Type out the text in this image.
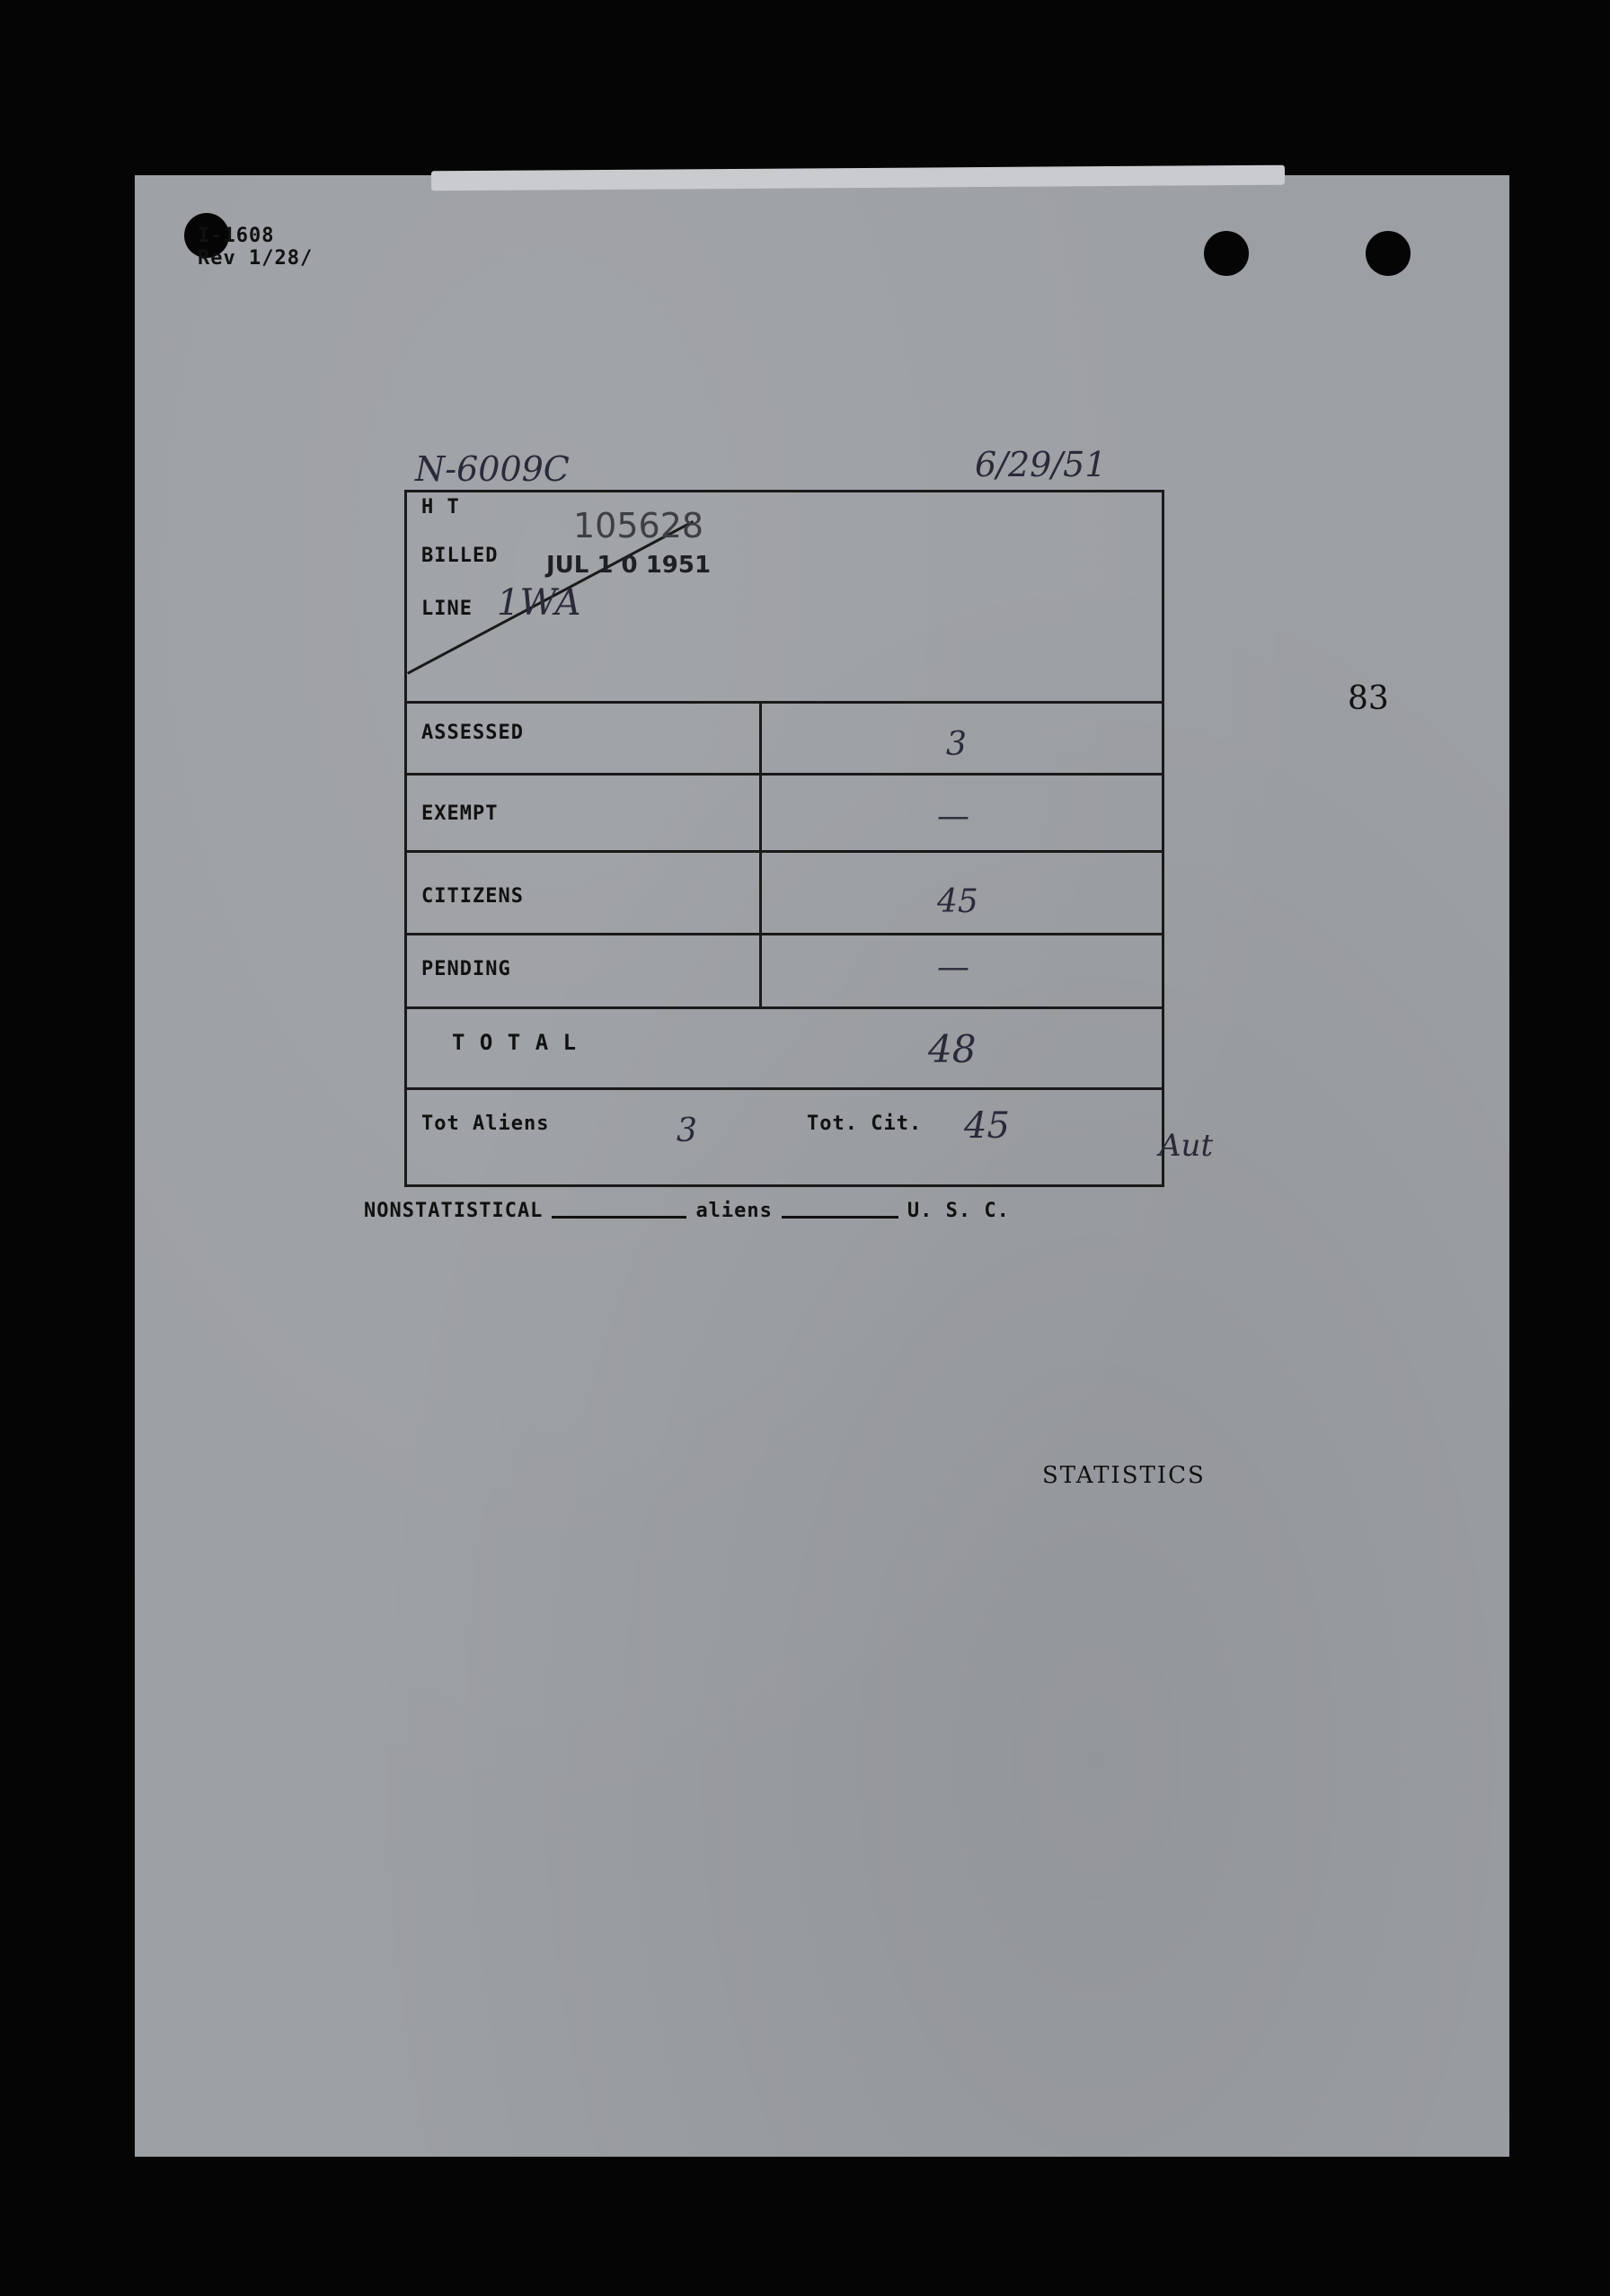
I-1608
Rev 1/28/
N-6009C	6/29/51
83
H T	105628
BILLED JUL 1 0 1951
LINE 1WA
ASSESSED	3
EXEMPT	—
CITIZENS	45
PENDING	—
T O T A L	48
Tot Aliens	3	Tot. Cit. 45	Aut
NONSTATISTICAL	aliens	U. S. C.
STATISTICS
